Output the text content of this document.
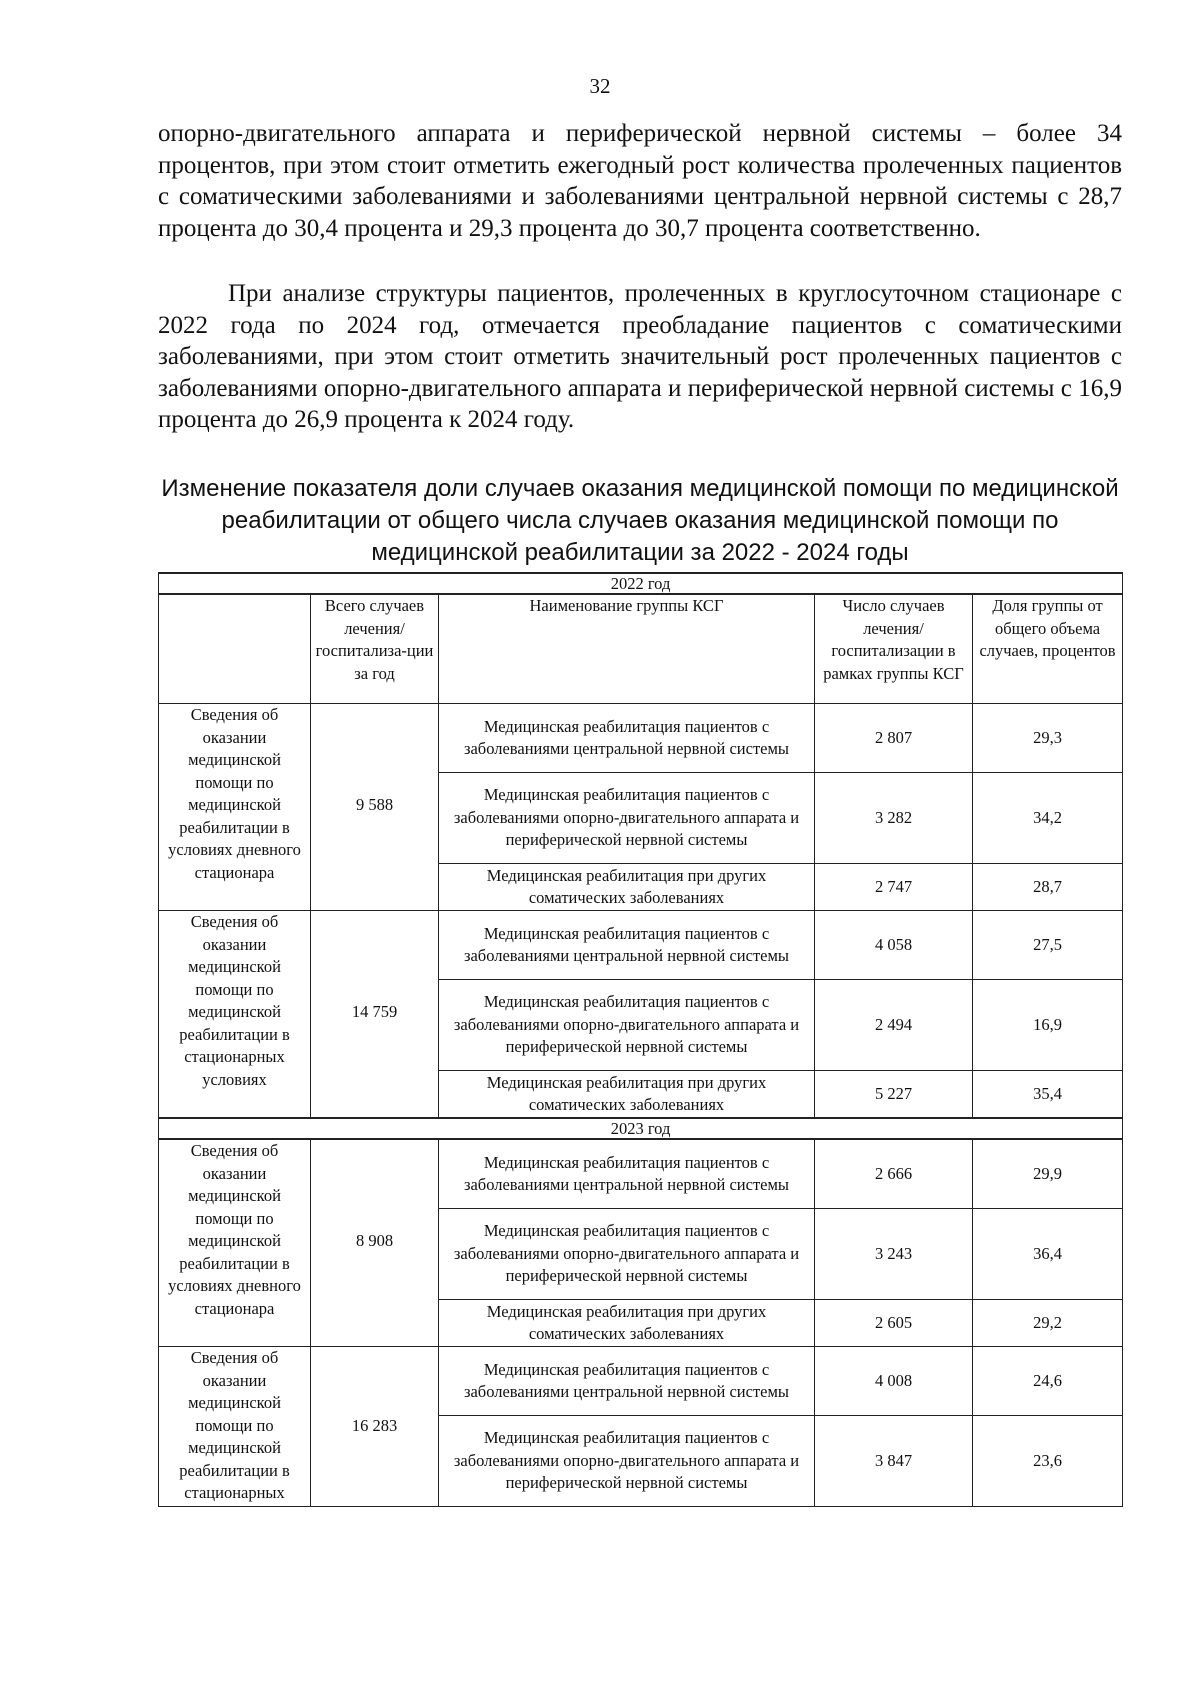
32

опорно-двигательного аппарата и периферической нервной системы – более 34 процентов, при этом стоит отметить ежегодный рост количества пролеченных пациентов с соматическими заболеваниями и заболеваниями центральной нервной системы с 28,7 процента до 30,4 процента и 29,3 процента до 30,7 процента соответственно.

При анализе структуры пациентов, пролеченных в круглосуточном стационаре с 2022 года по 2024 год, отмечается преобладание пациентов с соматическими заболеваниями, при этом стоит отметить значительный рост пролеченных пациентов с заболеваниями опорно-двигательного аппарата и периферической нервной системы с 16,9 процента до 26,9 процента к 2024 году.

Изменение показателя доли случаев оказания медицинской помощи по медицинской реабилитации от общего числа случаев оказания медицинской помощи по медицинской реабилитации за 2022 - 2024 годы
2022 год				
	Всего случаев лечения/ госпитализа-ции за год	Наименование группы КСГ	Число случаев лечения/ госпитализации в рамках группы КСГ	Доля группы от общего объема случаев, процентов
Сведения об оказании медицинской помощи по медицинской реабилитации в условиях дневного стационара	9 588	Медицинская реабилитация пациентов с заболеваниями центральной нервной системы	2 807	29,3
		Медицинская реабилитация пациентов с заболеваниями опорно-двигательного аппарата и периферической нервной системы	3 282	34,2
		Медицинская реабилитация при других соматических заболеваниях	2 747	28,7
Сведения об оказании медицинской помощи по медицинской реабилитации в стационарных условиях	14 759	Медицинская реабилитация пациентов с заболеваниями центральной нервной системы	4 058	27,5
		Медицинская реабилитация пациентов с заболеваниями опорно-двигательного аппарата и периферической нервной системы	2 494	16,9
		Медицинская реабилитация при других соматических заболеваниях	5 227	35,4
2023 год				
Сведения об оказании медицинской помощи по медицинской реабилитации в условиях дневного стационара	8 908	Медицинская реабилитация пациентов с заболеваниями центральной нервной системы	2 666	29,9
		Медицинская реабилитация пациентов с заболеваниями опорно-двигательного аппарата и периферической нервной системы	3 243	36,4
		Медицинская реабилитация при других соматических заболеваниях	2 605	29,2
Сведения об оказании медицинской помощи по медицинской реабилитации в стационарных	16 283	Медицинская реабилитация пациентов с заболеваниями центральной нервной системы	4 008	24,6
		Медицинская реабилитация пациентов с заболеваниями опорно-двигательного аппарата и периферической нервной системы	3 847	23,6
